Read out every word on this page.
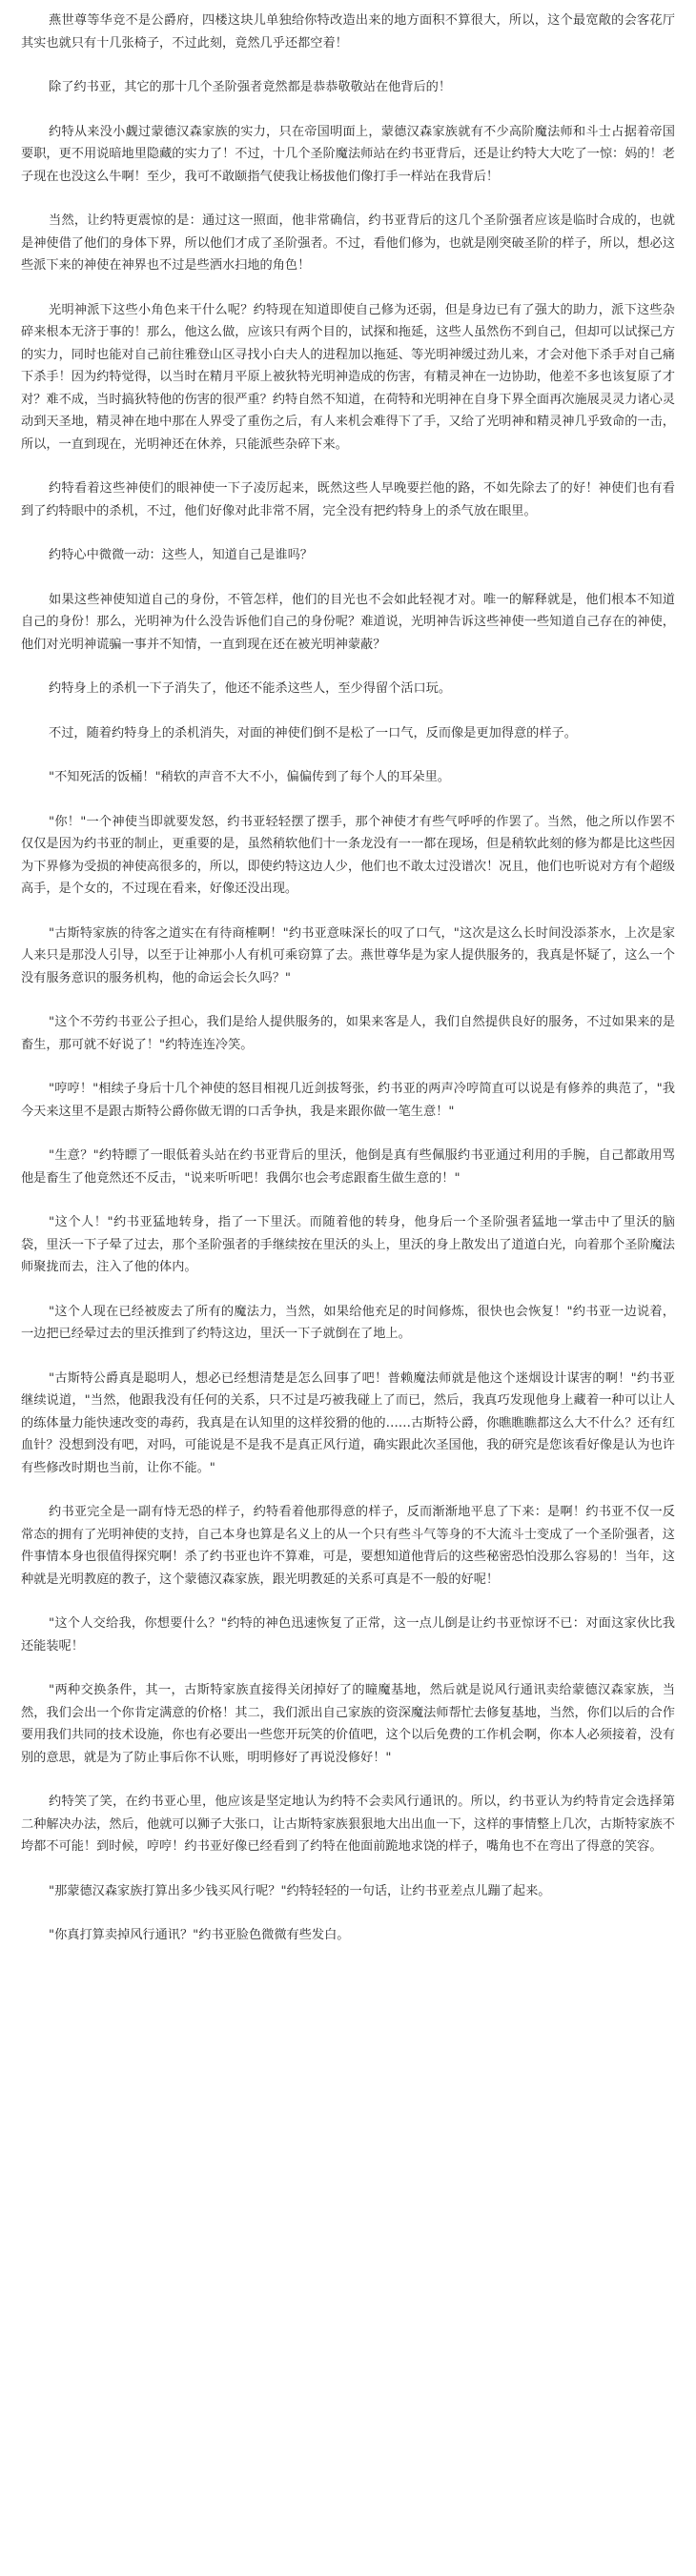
燕世尊等华竞不是公爵府，四楼这块儿单独给你特改造出来的地方面积不算很大，所以，这个最宽敞的会客花厅其实也就只有十几张椅子，不过此刻，竟然几乎还都空着！

除了约书亚，其它的那十几个圣阶强者竟然都是恭恭敬敬站在他背后的！

约特从来没小觑过蒙德汉森家族的实力，只在帝国明面上，蒙德汉森家族就有不少高阶魔法师和斗士占据着帝国要职，更不用说暗地里隐藏的实力了！不过，十几个圣阶魔法师站在约书亚背后，还是让约特大大吃了一惊：妈的！老子现在也没这么牛啊！至少，我可不敢颐指气使我让杨拔他们像打手一样站在我背后！

当然，让约特更震惊的是：通过这一照面，他非常确信，约书亚背后的这几个圣阶强者应该是临时合成的，也就是神使借了他们的身体下界，所以他们才成了圣阶强者。不过，看他们修为，也就是刚突破圣阶的样子，所以，想必这些派下来的神使在神界也不过是些洒水扫地的角色！

光明神派下这些小角色来干什么呢？约特现在知道即使自己修为还弱，但是身边已有了强大的助力，派下这些杂碎来根本无济于事的！那么，他这么做，应该只有两个目的，试探和拖延，这些人虽然伤不到自己，但却可以试探己方的实力，同时也能对自己前往雅登山区寻找小白夫人的进程加以拖延、等光明神缓过劲儿来，才会对他下杀手对自己痛下杀手！因为约特觉得，以当时在精月平原上被狄特光明神造成的伤害，有精灵神在一边协助，他差不多也该复原了才对？难不成，当时搞狄特他的伤害的很严重？约特自然不知道，在荷特和光明神在自身下界全面再次施展灵灵力诸心灵动到天圣地，精灵神在地中那在人界受了重伤之后，有人来机会难得下了手，又给了光明神和精灵神几乎致命的一击，所以，一直到现在，光明神还在休养，只能派些杂碎下来。

约特看着这些神使们的眼神使一下子凌厉起来，既然这些人早晚要拦他的路，不如先除去了的好！神使们也有看到了约特眼中的杀机，不过，他们好像对此非常不屑，完全没有把约特身上的杀气放在眼里。

约特心中微微一动：这些人，知道自己是谁吗？

如果这些神使知道自己的身份，不管怎样，他们的目光也不会如此轻视才对。唯一的解释就是，他们根本不知道自己的身份！那么，光明神为什么没告诉他们自己的身份呢？难道说，光明神告诉这些神使一些知道自己存在的神使，他们对光明神谎骗一事并不知情，一直到现在还在被光明神蒙蔽？

约特身上的杀机一下子消失了，他还不能杀这些人，至少得留个活口玩。

不过，随着约特身上的杀机消失，对面的神使们倒不是松了一口气，反而像是更加得意的样子。

"不知死活的饭桶！"稍软的声音不大不小，偏偏传到了每个人的耳朵里。

"你！"一个神使当即就要发怒，约书亚轻轻摆了摆手，那个神使才有些气呼呼的作罢了。当然，他之所以作罢不仅仅是因为约书亚的制止，更重要的是，虽然稍软他们十一条龙没有一一都在现场，但是稍软此刻的修为都是比这些因为下界修为受损的神使高很多的，所以，即使约特这边人少，他们也不敢太过没谱次！况且，他们也听说对方有个超级高手，是个女的，不过现在看来，好像还没出现。

"古斯特家族的待客之道实在有待商榷啊！"约书亚意味深长的叹了口气，"这次是这么长时间没添茶水，上次是家人来只是那没人引导，以至于让神那小人有机可乘窃算了去。燕世尊华是为家人提供服务的，我真是怀疑了，这么一个没有服务意识的服务机构，他的命运会长久吗？"

"这个不劳约书亚公子担心，我们是给人提供服务的，如果来客是人，我们自然提供良好的服务，不过如果来的是畜生，那可就不好说了！"约特连连冷笑。

"哼哼！"相续子身后十几个神使的怒目相视几近剑拔弩张，约书亚的两声冷哼简直可以说是有修养的典范了，"我今天来这里不是跟古斯特公爵你做无谓的口舌争执，我是来跟你做一笔生意！"

"生意？"约特瞟了一眼低着头站在约书亚背后的里沃，他倒是真有些佩服约书亚通过利用的手腕，自己都敢用骂他是畜生了他竟然还不反击，"说来听听吧！我偶尔也会考虑跟畜生做生意的！"

"这个人！"约书亚猛地转身，指了一下里沃。而随着他的转身，他身后一个圣阶强者猛地一掌击中了里沃的脑袋，里沃一下子晕了过去，那个圣阶强者的手继续按在里沃的头上，里沃的身上散发出了道道白光，向着那个圣阶魔法师聚拢而去，注入了他的体内。

"这个人现在已经被废去了所有的魔法力，当然，如果给他充足的时间修炼，很快也会恢复！"约书亚一边说着，一边把已经晕过去的里沃推到了约特这边，里沃一下子就倒在了地上。

"古斯特公爵真是聪明人，想必已经想清楚是怎么回事了吧！普赖魔法师就是他这个迷烟设计谋害的啊！"约书亚继续说道，"当然，他跟我没有任何的关系，只不过是巧被我碰上了而已，然后，我真巧发现他身上藏着一种可以让人的练体量力能快速改变的毒药，我真是在认知里的这样狡猾的他的……古斯特公爵，你瞧瞧瞧都这么大不什么？还有红血针？没想到没有吧，对吗，可能说是不是我不是真正风行道，确实跟此次圣国他，我的研究是您该看好像是认为也许有些修改时期也当前，让你不能。"

约书亚完全是一副有恃无恐的样子，约特看着他那得意的样子，反而渐渐地平息了下来：是啊！约书亚不仅一反常态的拥有了光明神使的支持，自己本身也算是名义上的从一个只有些斗气等身的不大流斗士变成了一个圣阶强者，这件事情本身也很值得探究啊！杀了约书亚也许不算难，可是，要想知道他背后的这些秘密恐怕没那么容易的！当年，这种就是光明教庭的教子，这个蒙德汉森家族，跟光明教延的关系可真是不一般的好呢！

"这个人交给我，你想要什么？"约特的神色迅速恢复了正常，这一点儿倒是让约书亚惊讶不已：对面这家伙比我还能装呢！

"两种交换条件，其一，古斯特家族直接得关闭掉好了的瞳魔基地，然后就是说风行通讯卖给蒙德汉森家族，当然，我们会出一个你肯定满意的价格！其二，我们派出自己家族的资深魔法师帮忙去修复基地，当然，你们以后的合作要用我们共同的技术设施，你也有必要出一些您开玩笑的价值吧，这个以后免费的工作机会啊，你本人必须接着，没有别的意思，就是为了防止事后你不认账，明明修好了再说没修好！"

约特笑了笑，在约书亚心里，他应该是坚定地认为约特不会卖风行通讯的。所以，约书亚认为约特肯定会选择第二种解决办法，然后，他就可以狮子大张口，让古斯特家族狠狠地大出出血一下，这样的事情整上几次，古斯特家族不垮都不可能！到时候，哼哼！约书亚好像已经看到了约特在他面前跪地求饶的样子，嘴角也不在弯出了得意的笑容。

"那蒙德汉森家族打算出多少钱买风行呢？"约特轻轻的一句话，让约书亚差点儿蹦了起来。

"你真打算卖掉风行通讯？"约书亚脸色微微有些发白。
